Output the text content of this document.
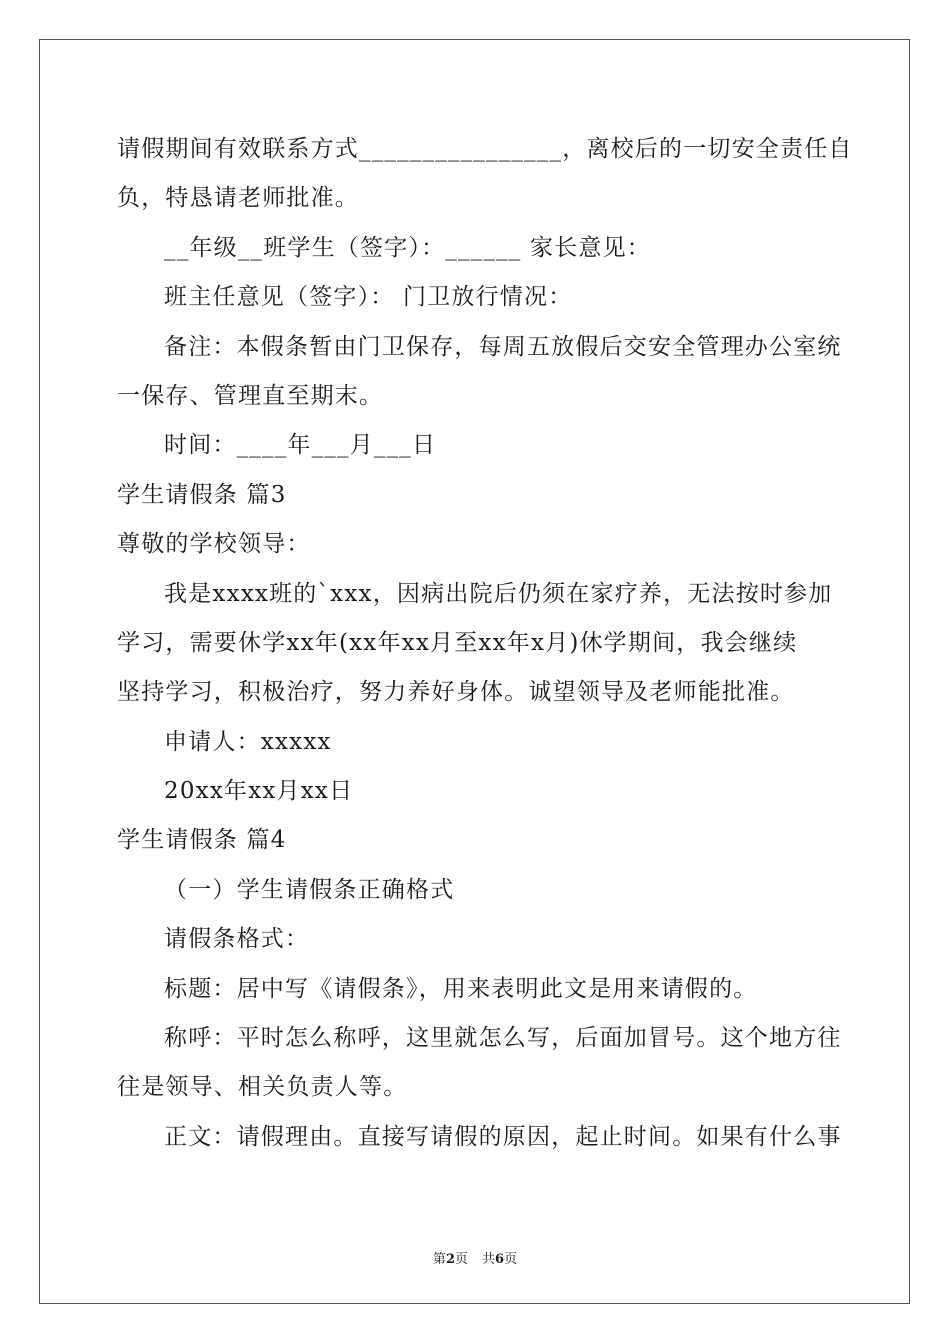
请假期间有效联系方式________________，离校后的一切安全责任自
负，特恳请老师批准。
__年级__班学生（签字）：______ 家长意见：
班主任意见（签字）： 门卫放行情况：
备注：本假条暂由门卫保存，每周五放假后交安全管理办公室统
一保存、管理直至期末。
时间：____年___月___日
学生请假条 篇3
尊敬的学校领导：
我是xxxx班的`xxx，因病出院后仍须在家疗养，无法按时参加
学习，需要休学xx年(xx年xx月至xx年x月)休学期间，我会继续
坚持学习，积极治疗，努力养好身体。诚望领导及老师能批准。
申请人：xxxxx
20xx年xx月xx日
学生请假条 篇4
（一）学生请假条正确格式
请假条格式：
标题：居中写《请假条》，用来表明此文是用来请假的。
称呼：平时怎么称呼，这里就怎么写，后面加冒号。这个地方往
往是领导、相关负责人等。
正文：请假理由。直接写请假的原因，起止时间。如果有什么事
第2页 共6页
